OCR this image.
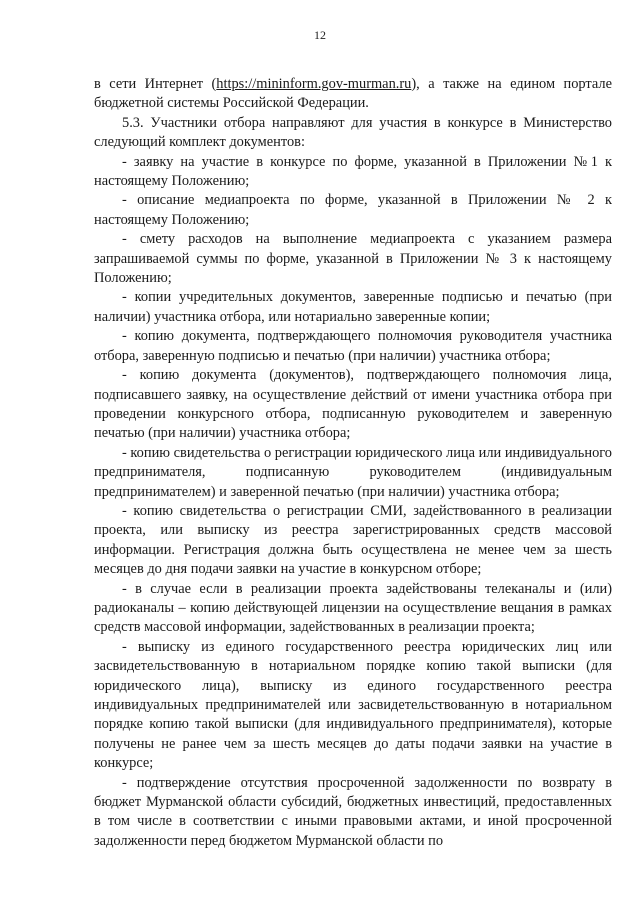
12

в сети Интернет (https://mininform.gov-murman.ru), а также на едином портале бюджетной системы Российской Федерации.

5.3. Участники отбора направляют для участия в конкурсе в Министерство следующий комплект документов:

- заявку на участие в конкурсе по форме, указанной в Приложении №1 к настоящему Положению;

- описание медиапроекта по форме, указанной в Приложении № 2 к настоящему Положению;

- смету расходов на выполнение медиапроекта с указанием размера запрашиваемой суммы по форме, указанной в Приложении № 3 к настоящему Положению;

- копии учредительных документов, заверенные подписью и печатью (при наличии) участника отбора, или нотариально заверенные копии;

- копию документа, подтверждающего полномочия руководителя участника отбора, заверенную подписью и печатью (при наличии) участника отбора;

- копию документа (документов), подтверждающего полномочия лица, подписавшего заявку, на осуществление действий от имени участника отбора при проведении конкурсного отбора, подписанную руководителем и заверенную печатью (при наличии) участника отбора;

- копию свидетельства о регистрации юридического лица или индивидуального предпринимателя, подписанную руководителем (индивидуальным предпринимателем) и заверенной печатью (при наличии) участника отбора;

- копию свидетельства о регистрации СМИ, задействованного в реализации проекта, или выписку из реестра зарегистрированных средств массовой информации. Регистрация должна быть осуществлена не менее чем за шесть месяцев до дня подачи заявки на участие в конкурсном отборе;

- в случае если в реализации проекта задействованы телеканалы и (или) радиоканалы – копию действующей лицензии на осуществление вещания в рамках средств массовой информации, задействованных в реализации проекта;

- выписку из единого государственного реестра юридических лиц или засвидетельствованную в нотариальном порядке копию такой выписки (для юридического лица), выписку из единого государственного реестра индивидуальных предпринимателей или засвидетельствованную в нотариальном порядке копию такой выписки (для индивидуального предпринимателя), которые получены не ранее чем за шесть месяцев до даты подачи заявки на участие в конкурсе;

- подтверждение отсутствия просроченной задолженности по возврату в бюджет Мурманской области субсидий, бюджетных инвестиций, предоставленных в том числе в соответствии с иными правовыми актами, и иной просроченной задолженности перед бюджетом Мурманской области по
